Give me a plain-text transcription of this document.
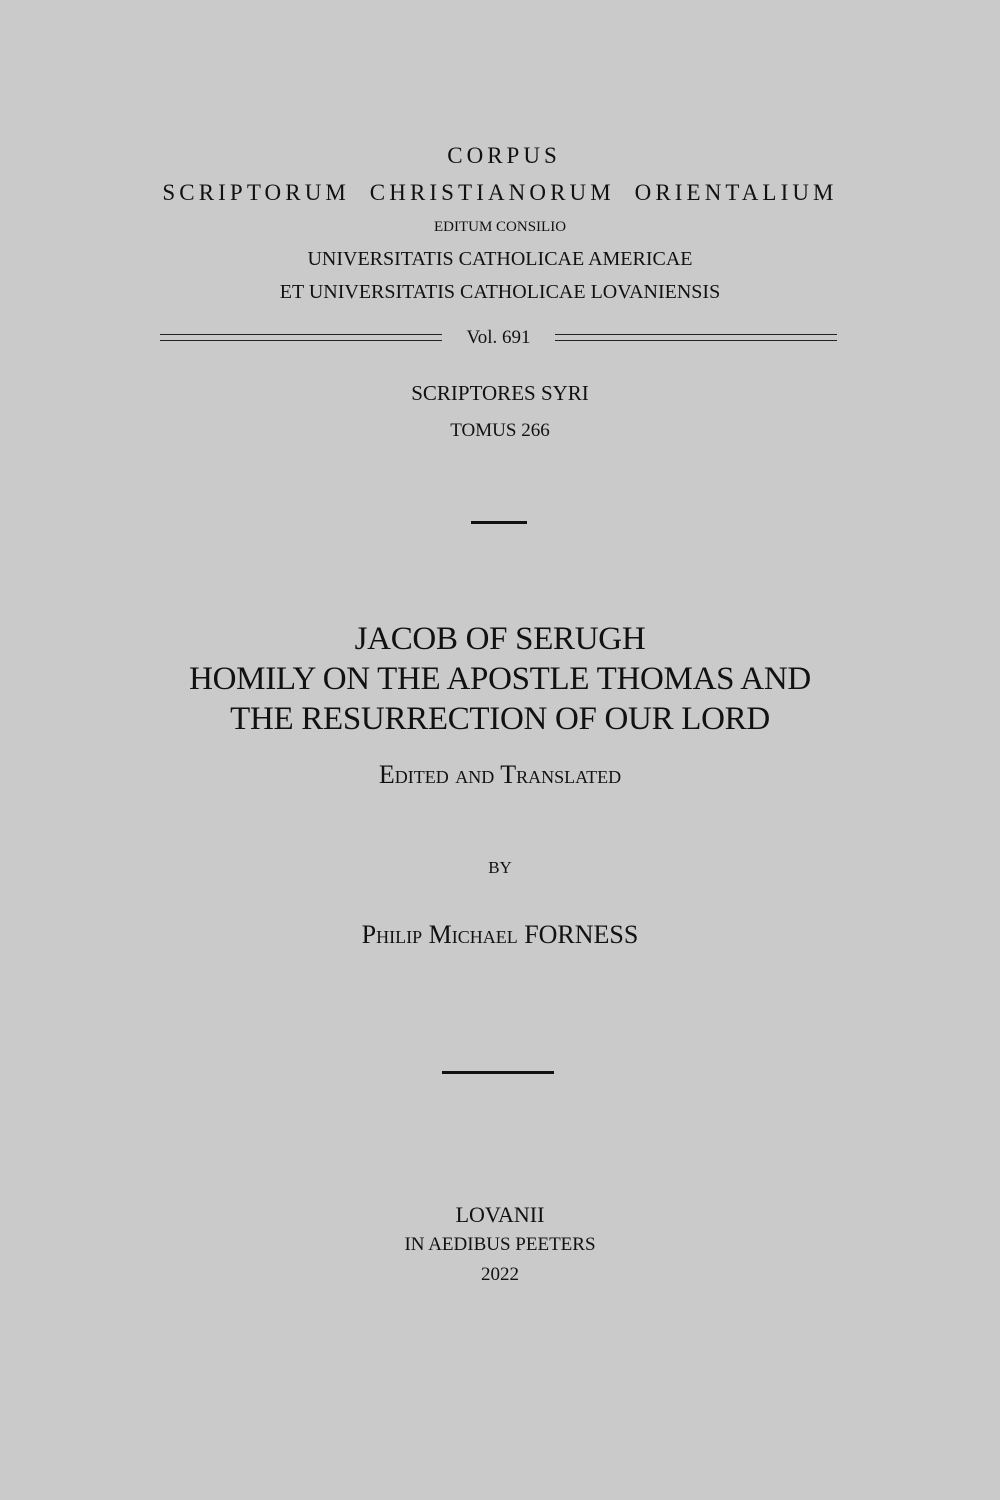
CORPUS
SCRIPTORUM CHRISTIANORUM ORIENTALIUM
EDITUM CONSILIO
UNIVERSITATIS CATHOLICAE AMERICAE
ET UNIVERSITATIS CATHOLICAE LOVANIENSIS
Vol. 691
SCRIPTORES SYRI
TOMUS 266
JACOB OF SERUGH
HOMILY ON THE APOSTLE THOMAS AND
THE RESURRECTION OF OUR LORD
Edited and Translated
BY
Philip Michael FORNESS
LOVANII
IN AEDIBUS PEETERS
2022
